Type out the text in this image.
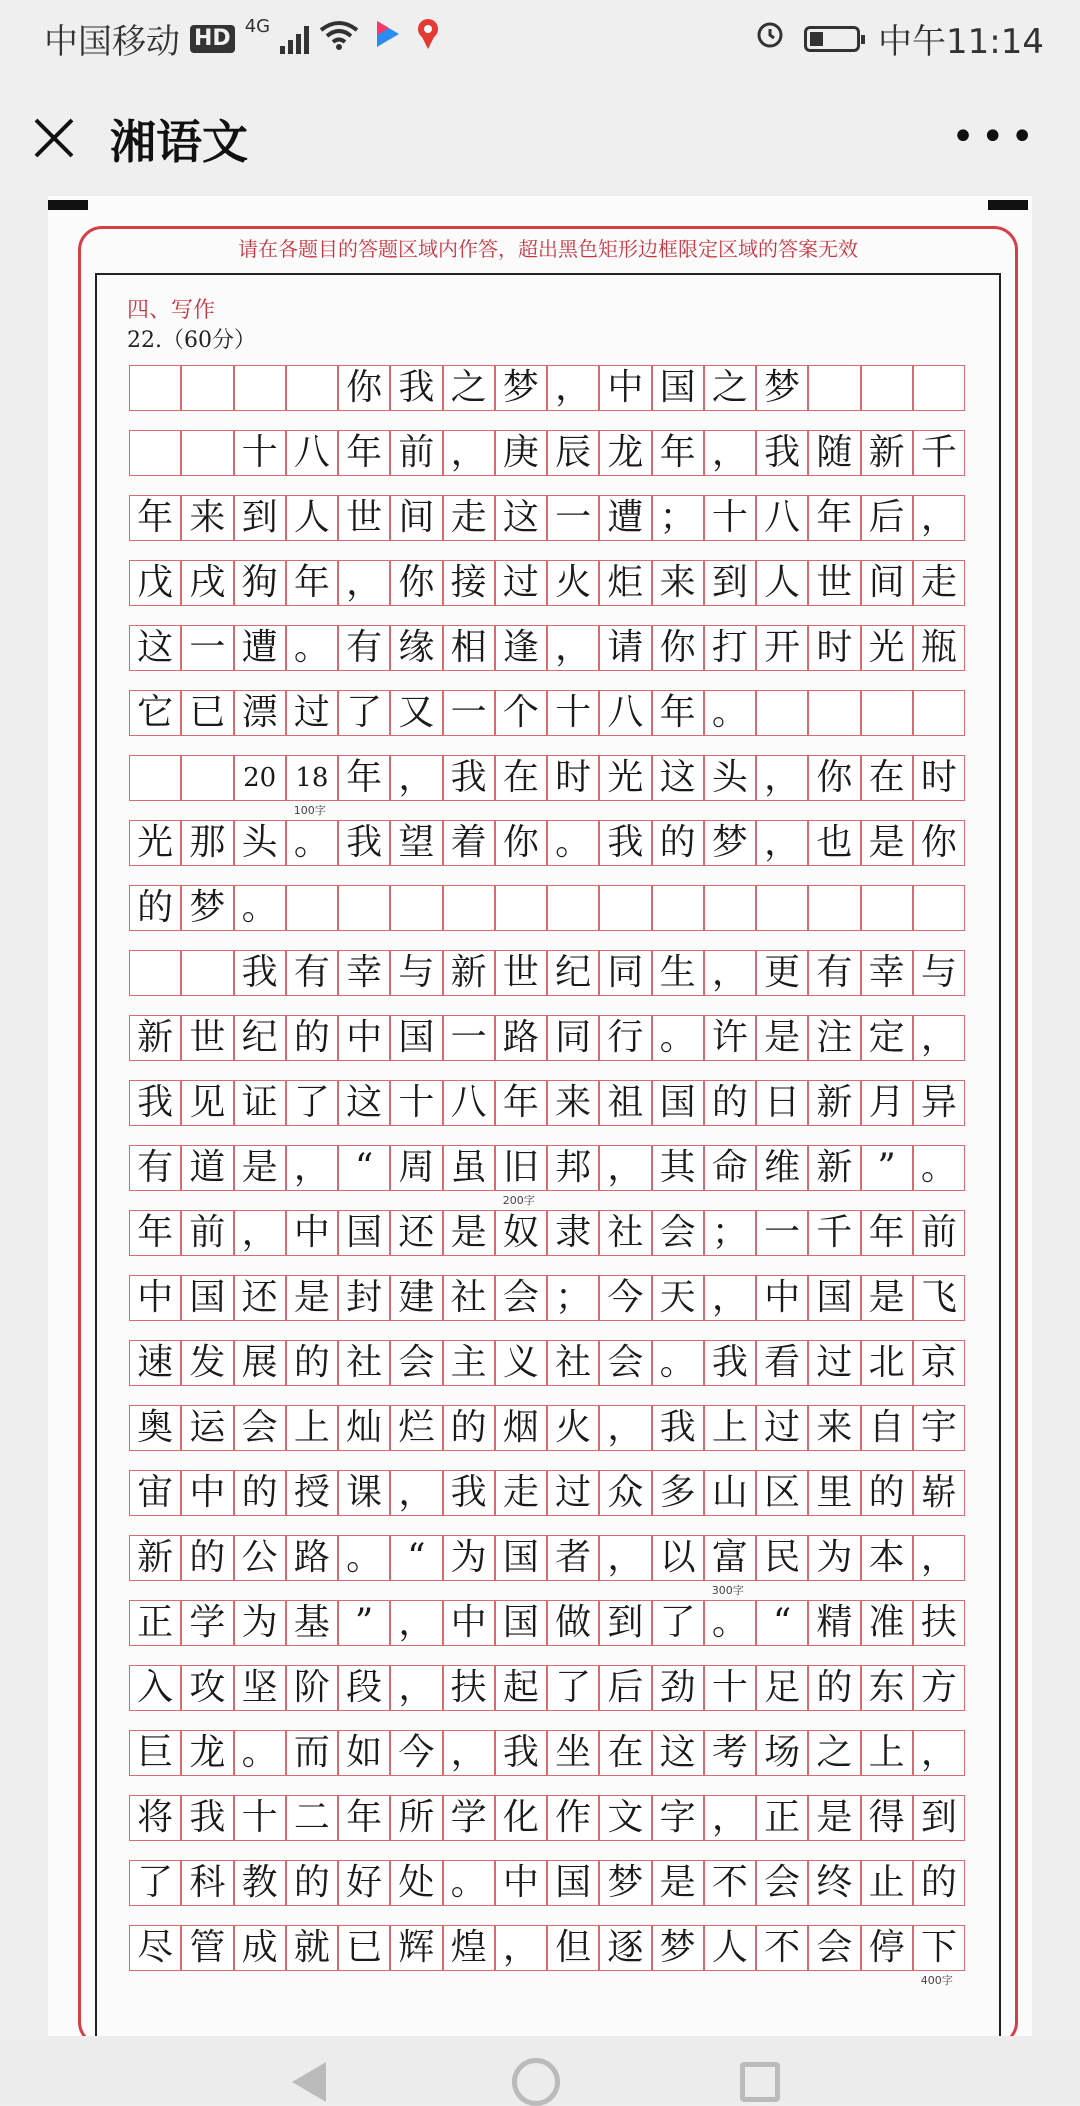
中国移动 HD 4G	中午11:14
湘语文	•••
请在各题目的答题区域内作答，超出黑色矩形边框限定区域的答案无效
四、写作
22.（60分）
你 我 之 梦 ， 中 国 之 梦
十 八 年 前 ， 庚 辰 龙 年 ， 我 随 新 千
年 来 到 人 世 间 走 这 一 遭 ； 十 八 年 后 ，
戊 戌 狗 年 ， 你 接 过 火 炬 来 到 人 世 间 走
这 一 遭 。 有 缘 相 逢 ， 请 你 打 开 时 光 瓶
它 已 漂 过 了 又 一 个 十 八 年 。
20 18 年 ， 我 在 时 光 这 头 ， 你 在 时
100字
光 那 头 。 我 望 着 你 。 我 的 梦 ， 也 是 你
的 梦 。
我 有 幸 与 新 世 纪 同 生 ， 更 有 幸 与
新 世 纪 的 中 国 一 路 同 行 。 许 是 注 定 ，
我 见 证 了 这 十 八 年 来 祖 国 的 日 新 月 异
有 道 是 ， “ 周 虽 旧 邦 ， 其 命 维 新 ” 。
200字
年 前 ， 中 国 还 是 奴 隶 社 会 ； 一 千 年 前
中 国 还 是 封 建 社 会 ； 今 天 ， 中 国 是 飞
速 发 展 的 社 会 主 义 社 会 。 我 看 过 北 京
奥 运 会 上 灿 烂 的 烟 火 ， 我 上 过 来 自 宇
宙 中 的 授 课 ， 我 走 过 众 多 山 区 里 的 崭
新 的 公 路 。 “ 为 国 者 ， 以 富 民 为 本 ，
300字
正 学 为 基 ” ， 中 国 做 到 了 。 “ 精 准 扶
入 攻 坚 阶 段 ， 扶 起 了 后 劲 十 足 的 东 方
巨 龙 。 而 如 今 ， 我 坐 在 这 考 场 之 上 ，
将 我 十 二 年 所 学 化 作 文 字 ， 正 是 得 到
了 科 教 的 好 处 。 中 国 梦 是 不 会 终 止 的
尽 管 成 就 已 辉 煌 ， 但 逐 梦 人 不 会 停 下
400字
